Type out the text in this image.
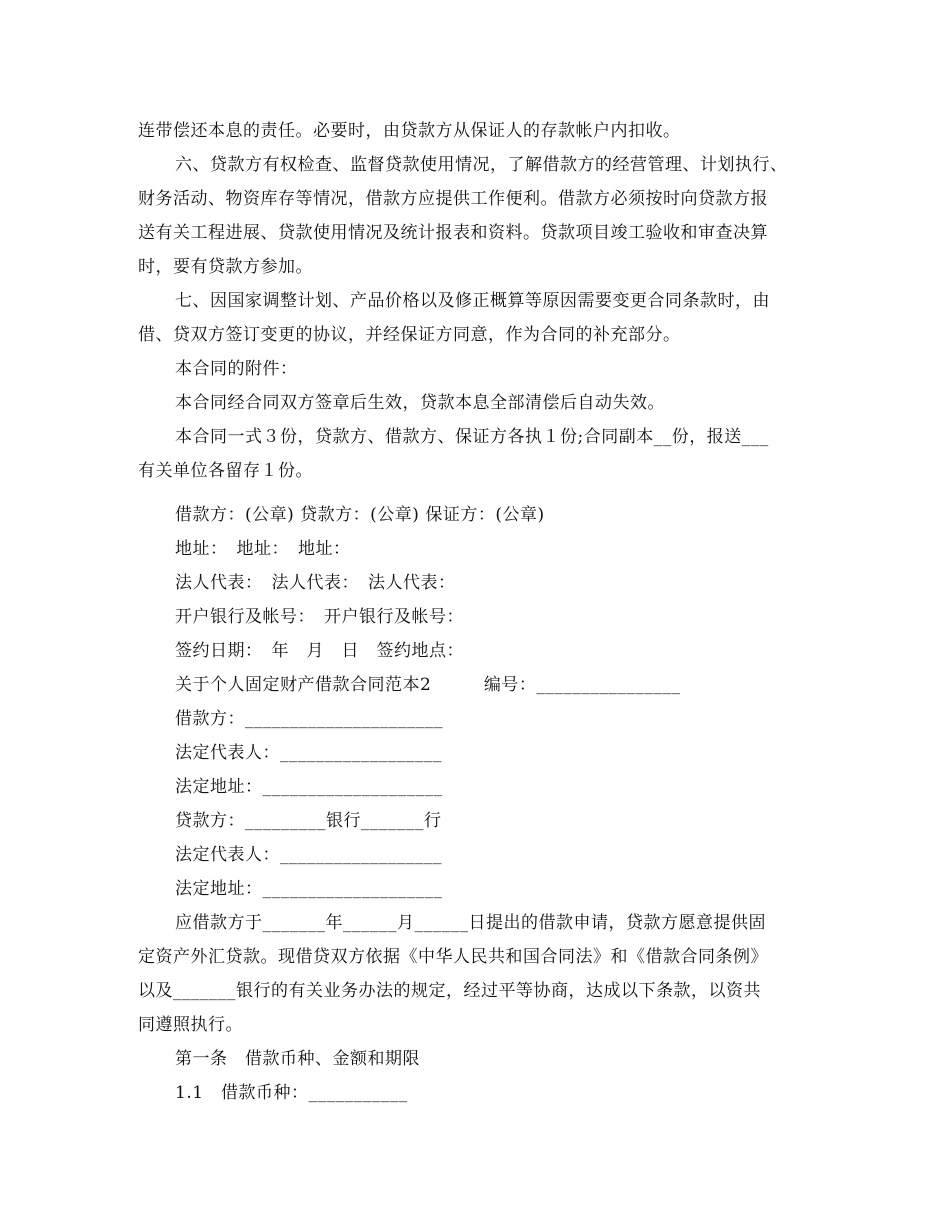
连带偿还本息的责任。必要时，由贷款方从保证人的存款帐户内扣收。
六、贷款方有权检查、监督贷款使用情况，了解借款方的经营管理、计划执行、
财务活动、物资库存等情况，借款方应提供工作便利。借款方必须按时向贷款方报
送有关工程进展、贷款使用情况及统计报表和资料。贷款项目竣工验收和审查决算
时，要有贷款方参加。
七、因国家调整计划、产品价格以及修正概算等原因需要变更合同条款时，由
借、贷双方签订变更的协议，并经保证方同意，作为合同的补充部分。
本合同的附件：
本合同经合同双方签章后生效，贷款本息全部清偿后自动失效。
本合同一式３份，贷款方、借款方、保证方各执１份;合同副本__份，报送___
有关单位各留存１份。
借款方：(公章) 贷款方：(公章) 保证方：(公章)
地址：　地址：　地址：
法人代表：　法人代表：　法人代表：
开户银行及帐号：　开户银行及帐号：
签约日期：　年　月　日　签约地点：
关于个人固定财产借款合同范本2　　　编号：________________
借款方：______________________
法定代表人：__________________
法定地址：____________________
贷款方：_________银行_______行
法定代表人：__________________
法定地址：____________________
应借款方于_______年______月______日提出的借款申请，贷款方愿意提供固
定资产外汇贷款。现借贷双方依据《中华人民共和国合同法》和《借款合同条例》
以及_______银行的有关业务办法的规定，经过平等协商，达成以下条款，以资共
同遵照执行。
第一条　借款币种、金额和期限
1.1　借款币种：___________
